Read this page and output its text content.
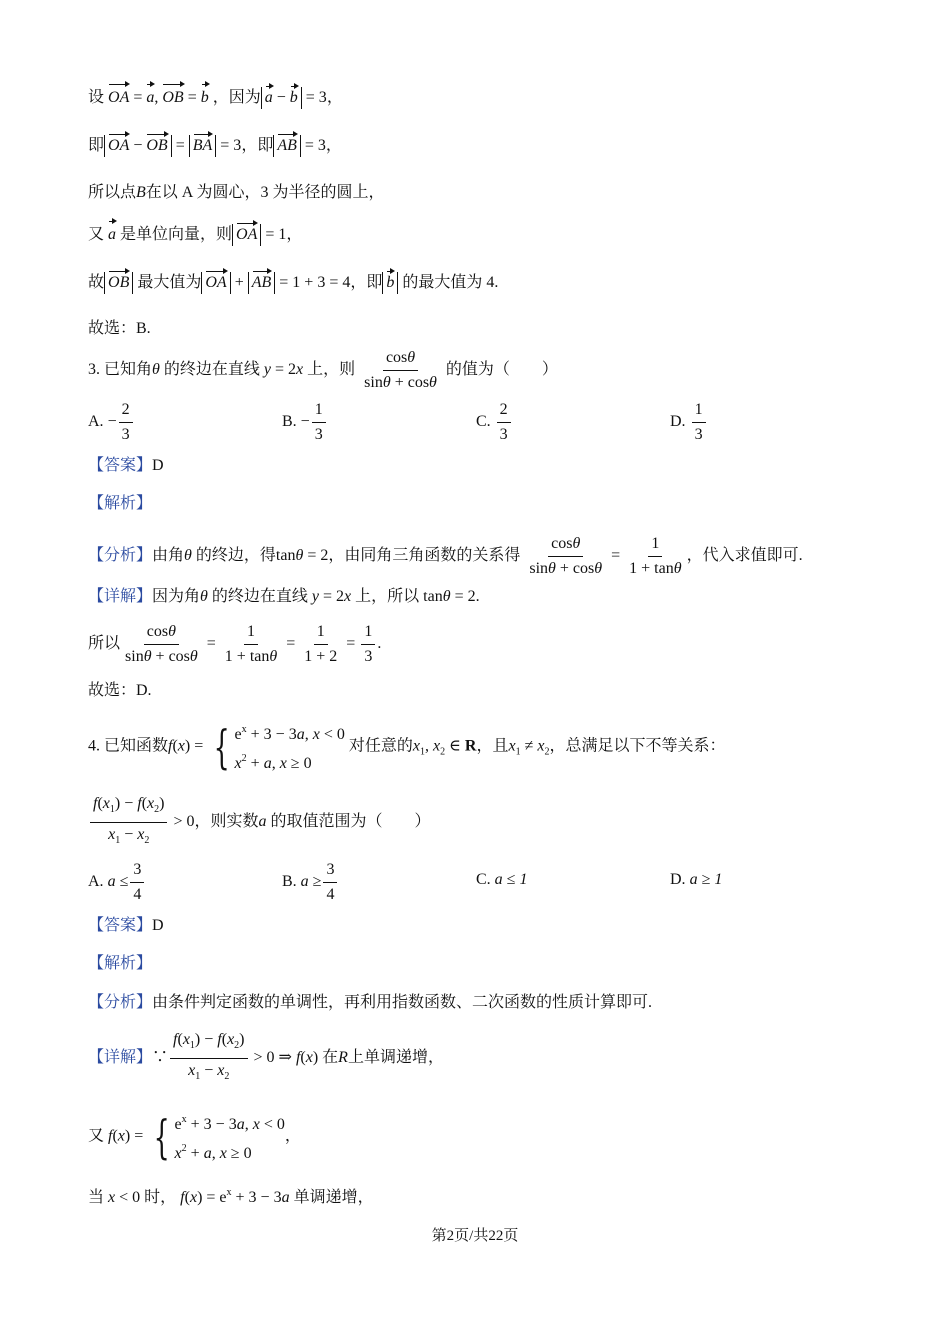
设 OA = a, OB = b ，因为 a − b = 3，
即 OA − OB = BA = 3，即 AB = 3，
所以点B在以 A 为圆心，3 为半径的圆上，
又 a 是单位向量，则 OA = 1，
故 OB 最大值为 OA + AB = 1 + 3 = 4，即 b 的最大值为 4.
故选：B.
3. 已知角θ 的终边在直线 y = 2x 上，则 $\frac{\cos\theta}{\sin\theta + \cos\theta}$ 的值为（　　）
A. − $\frac{2}{3}$	B. − $\frac{1}{3}$	C. $\frac{2}{3}$	D. $\frac{1}{3}$
【答案】D
【解析】
【分析】由角θ 的终边，得tanθ = 2，由同角三角函数的关系得 $\frac{\cos\theta}{\sin\theta + \cos\theta} = \frac{1}{1 + \tan\theta}$ ，代入求值即可.
【详解】因为角θ 的终边在直线 y = 2x 上，所以 tanθ = 2.
所以 $\frac{\cos\theta}{\sin\theta + \cos\theta} = \frac{1}{1 + \tan\theta} = \frac{1}{1 + 2} = \frac{1}{3}$ .
故选：D.
4. 已知函数f(x) = { $e^x + 3 - 3a$, x < 0
$x^2 + a$, x ≥ 0
对任意的$x_1$, $x_2$ ∈ R，且$x_1 \ne x_2$，总满足以下不等关系：
$\frac{f(x_1) - f(x_2)}{x_1 - x_2} > 0$，则实数a 的取值范围为（　　）
A. $a \le \frac{3}{4}$	B. $a \ge \frac{3}{4}$	C. a ≤ 1	D. a ≥ 1
【答案】D
【解析】
【分析】由条件判定函数的单调性，再利用指数函数、二次函数的性质计算即可.
【详解】∵ $\frac{f(x_1) - f(x_2)}{x_1 - x_2} > 0$ ⇒ f(x) 在R上单调递增，
又 f(x) = { $e^x + 3 - 3a$, x < 0
$x^2 + a$, x ≥ 0
，
当 x < 0 时， $f(x) = e^x + 3 - 3a$ 单调递增，
第2页/共22页
